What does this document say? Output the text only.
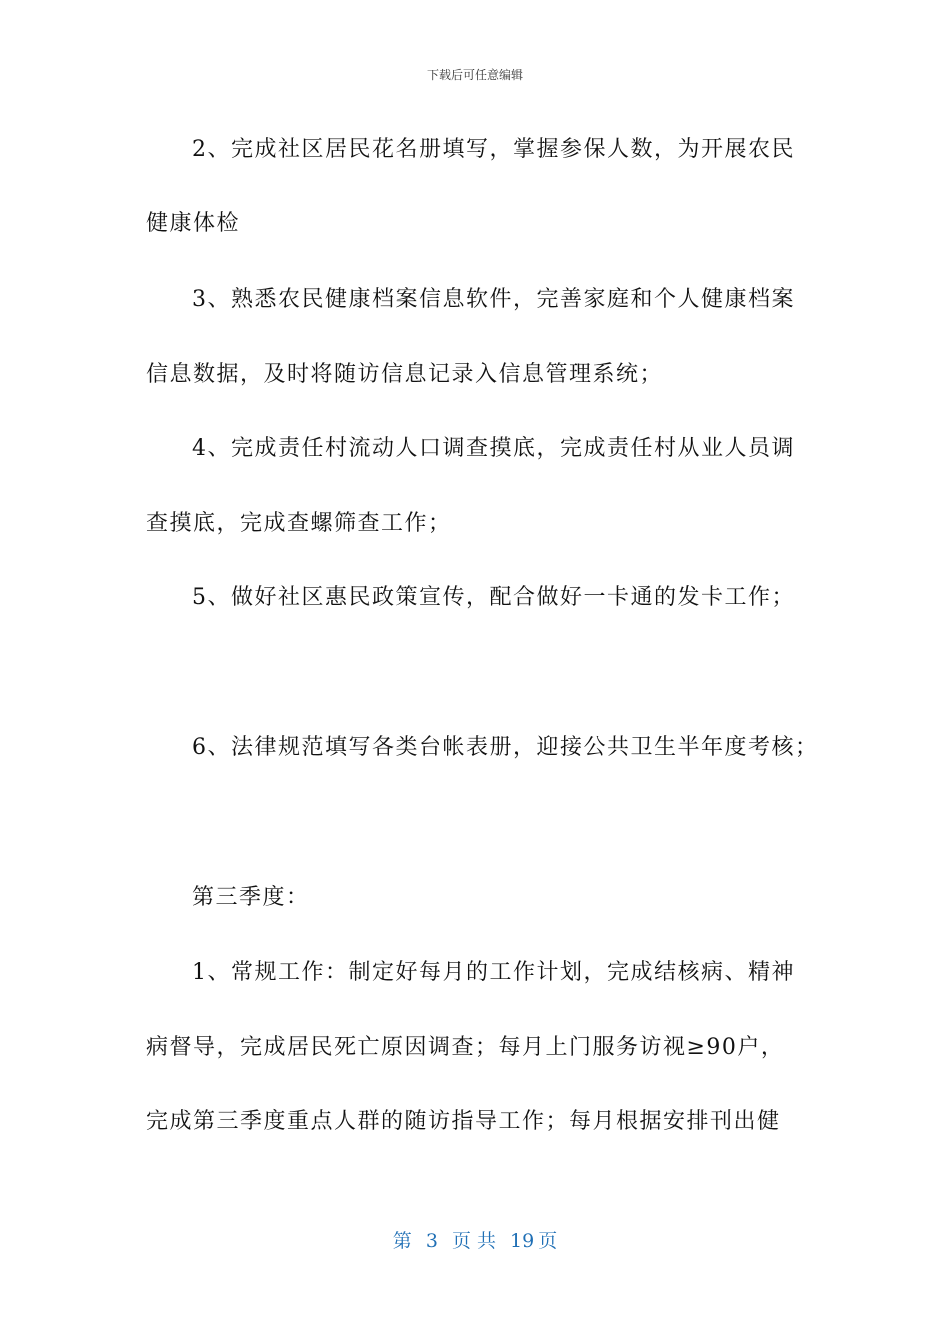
下载后可任意编辑
2、完成社区居民花名册填写，掌握参保人数，为开展农民
健康体检
3、熟悉农民健康档案信息软件，完善家庭和个人健康档案
信息数据，及时将随访信息记录入信息管理系统；
4、完成责任村流动人口调查摸底，完成责任村从业人员调
查摸底，完成查螺筛查工作；
5、做好社区惠民政策宣传，配合做好一卡通的发卡工作；
6、法律规范填写各类台帐表册，迎接公共卫生半年度考核；
第三季度：
1、常规工作：制定好每月的工作计划，完成结核病、精神
病督导，完成居民死亡原因调查；每月上门服务访视≥90户，
完成第三季度重点人群的随访指导工作；每月根据安排刊出健
第 3 页 共 19 页
